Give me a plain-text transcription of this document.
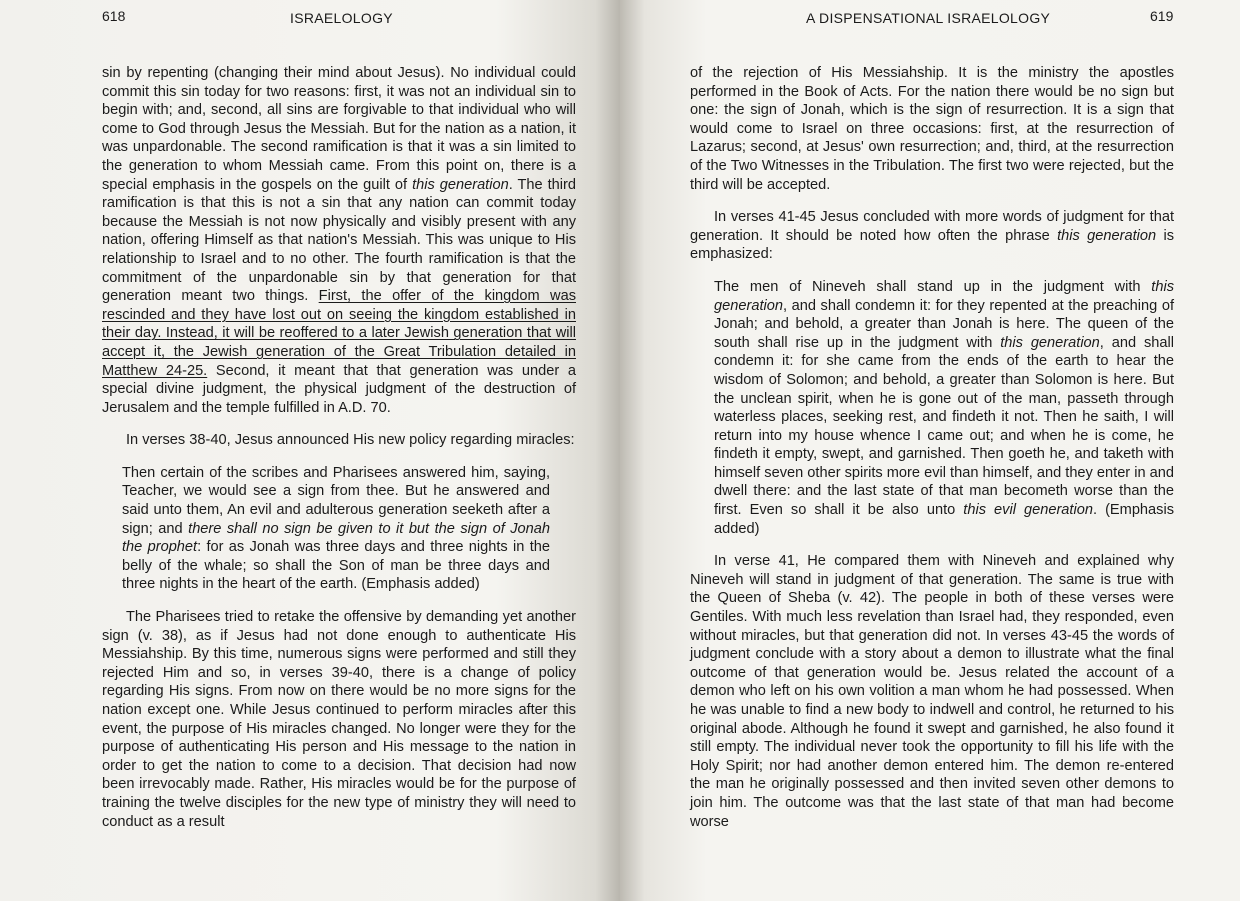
618	ISRAELOLOGY

sin by repenting (changing their mind about Jesus). No individual could commit this sin today for two reasons: first, it was not an individual sin to begin with; and, second, all sins are forgivable to that individual who will come to God through Jesus the Messiah. But for the nation as a nation, it was unpardonable. The second ramification is that it was a sin limited to the generation to whom Messiah came. From this point on, there is a special emphasis in the gospels on the guilt of this generation. The third ramification is that this is not a sin that any nation can commit today because the Messiah is not now physically and visibly present with any nation, offering Himself as that nation's Messiah. This was unique to His relationship to Israel and to no other. The fourth ramification is that the commitment of the unpardonable sin by that generation for that generation meant two things. First, the offer of the kingdom was rescinded and they have lost out on seeing the kingdom established in their day. Instead, it will be reoffered to a later Jewish generation that will accept it, the Jewish generation of the Great Tribulation detailed in Matthew 24-25. Second, it meant that that generation was under a special divine judgment, the physical judgment of the destruction of Jerusalem and the temple fulfilled in A.D. 70.

In verses 38-40, Jesus announced His new policy regarding miracles:

Then certain of the scribes and Pharisees answered him, saying, Teacher, we would see a sign from thee. But he answered and said unto them, An evil and adulterous generation seeketh after a sign; and there shall no sign be given to it but the sign of Jonah the prophet: for as Jonah was three days and three nights in the belly of the whale; so shall the Son of man be three days and three nights in the heart of the earth. (Emphasis added)

The Pharisees tried to retake the offensive by demanding yet another sign (v. 38), as if Jesus had not done enough to authenticate His Messiahship. By this time, numerous signs were performed and still they rejected Him and so, in verses 39-40, there is a change of policy regarding His signs. From now on there would be no more signs for the nation except one. While Jesus continued to perform miracles after this event, the purpose of His miracles changed. No longer were they for the purpose of authenticating His person and His message to the nation in order to get the nation to come to a decision. That decision had now been irrevocably made. Rather, His miracles would be for the purpose of training the twelve disciples for the new type of ministry they will need to conduct as a result

A DISPENSATIONAL ISRAELOLOGY	619

of the rejection of His Messiahship. It is the ministry the apostles performed in the Book of Acts. For the nation there would be no sign but one: the sign of Jonah, which is the sign of resurrection. It is a sign that would come to Israel on three occasions: first, at the resurrection of Lazarus; second, at Jesus' own resurrection; and, third, at the resurrection of the Two Witnesses in the Tribulation. The first two were rejected, but the third will be accepted.

In verses 41-45 Jesus concluded with more words of judgment for that generation. It should be noted how often the phrase this generation is emphasized:

The men of Nineveh shall stand up in the judgment with this generation, and shall condemn it: for they repented at the preaching of Jonah; and behold, a greater than Jonah is here. The queen of the south shall rise up in the judgment with this generation, and shall condemn it: for she came from the ends of the earth to hear the wisdom of Solomon; and behold, a greater than Solomon is here. But the unclean spirit, when he is gone out of the man, passeth through waterless places, seeking rest, and findeth it not. Then he saith, I will return into my house whence I came out; and when he is come, he findeth it empty, swept, and garnished. Then goeth he, and taketh with himself seven other spirits more evil than himself, and they enter in and dwell there: and the last state of that man becometh worse than the first. Even so shall it be also unto this evil generation. (Emphasis added)

In verse 41, He compared them with Nineveh and explained why Nineveh will stand in judgment of that generation. The same is true with the Queen of Sheba (v. 42). The people in both of these verses were Gentiles. With much less revelation than Israel had, they responded, even without miracles, but that generation did not. In verses 43-45 the words of judgment conclude with a story about a demon to illustrate what the final outcome of that generation would be. Jesus related the account of a demon who left on his own volition a man whom he had possessed. When he was unable to find a new body to indwell and control, he returned to his original abode. Although he found it swept and garnished, he also found it still empty. The individual never took the opportunity to fill his life with the Holy Spirit; nor had another demon entered him. The demon re-entered the man he originally possessed and then invited seven other demons to join him. The outcome was that the last state of that man had become worse
